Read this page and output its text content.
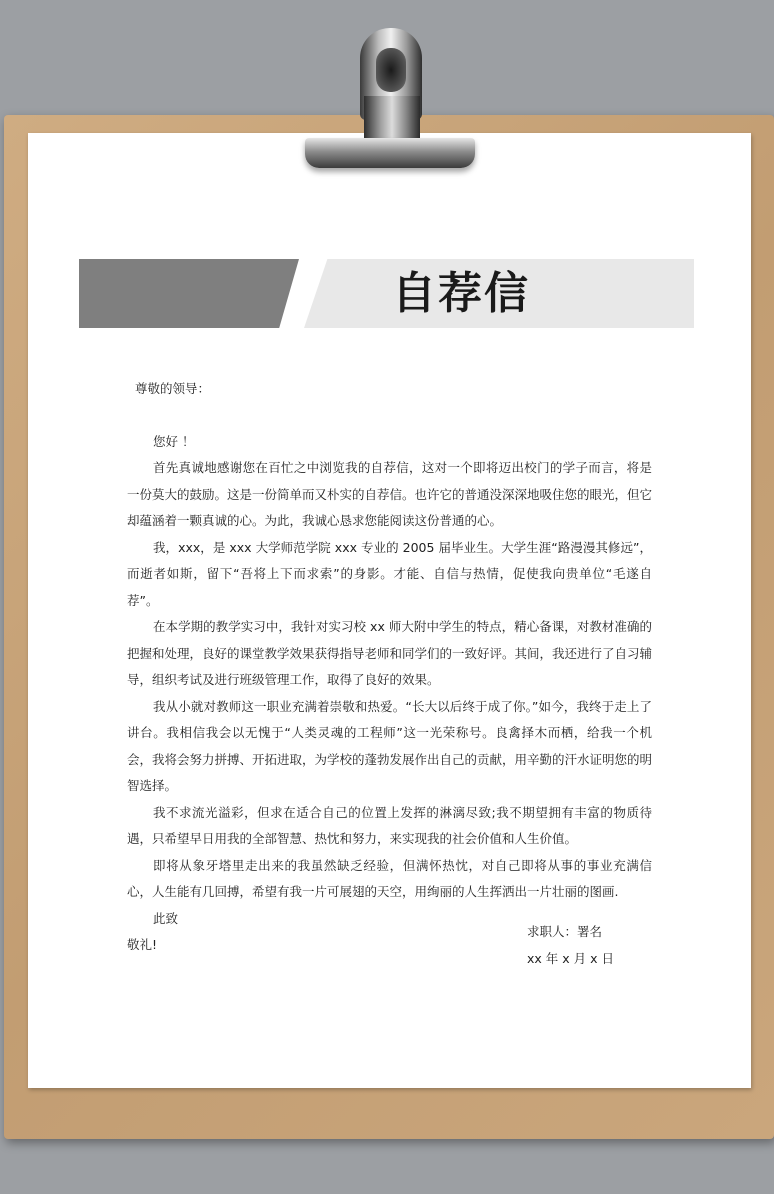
自荐信

尊敬的领导：

您好 ！

首先真诚地感谢您在百忙之中浏览我的自荐信，这对一个即将迈出校门的学子而言，将是一份莫大的鼓励。这是一份简单而又朴实的自荐信。也许它的普通没深深地吸住您的眼光，但它却蕴涵着一颗真诚的心。为此，我诚心恳求您能阅读这份普通的心。

我，xxx，是 xxx 大学师范学院 xxx 专业的 2005 届毕业生。大学生涯“路漫漫其修远”，而逝者如斯，留下“吾将上下而求索”的身影。才能、自信与热情，促使我向贵单位“毛遂自荐”。

在本学期的教学实习中，我针对实习校 xx 师大附中学生的特点，精心备课，对教材准确的把握和处理，良好的课堂教学效果获得指导老师和同学们的一致好评。其间，我还进行了自习辅导，组织考试及进行班级管理工作，取得了良好的效果。

我从小就对教师这一职业充满着崇敬和热爱。“长大以后终于成了你。”如今，我终于走上了讲台。我相信我会以无愧于“人类灵魂的工程师”这一光荣称号。良禽择木而栖，给我一个机会，我将会努力拼搏、开拓进取，为学校的蓬勃发展作出自己的贡献，用辛勤的汗水证明您的明智选择。

我不求流光溢彩，但求在适合自己的位置上发挥的淋漓尽致;我不期望拥有丰富的物质待遇，只希望早日用我的全部智慧、热忱和努力，来实现我的社会价值和人生价值。

即将从象牙塔里走出来的我虽然缺乏经验，但满怀热忱，对自己即将从事的事业充满信心，人生能有几回搏，希望有我一片可展翅的天空，用绚丽的人生挥洒出一片壮丽的图画.

此致

敬礼!

求职人：署名
xx 年 x 月 x 日
